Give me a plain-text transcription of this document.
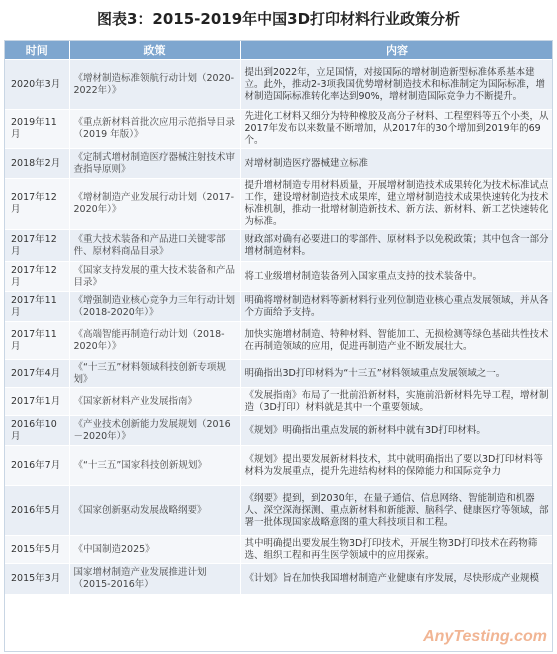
图表3：2015-2019年中国3D打印材料行业政策分析
时间	政策	内容
2020年3月	《增材制造标准领航行动计划（2020-2022年）》	提出到2022年，立足国情，对接国际的增材制造新型标准体系基本建立。此外，推动2-3项我国优势增材制造技术和标准制定为国际标准，增材制造国际标准转化率达到90%，增材制造国际竞争力不断提升。
2019年11月	《重点新材料首批次应用示范指导目录（2019 年版）》	先进化工材料又细分为特种橡胶及高分子材料、工程塑料等五个小类，从2017年发布以来数量不断增加，从2017年的30个增加到2019年的69个。
2018年2月	《定制式增材制造医疗器械注射技术审查指导原则》	对增材制造医疗器械建立标准
2017年12月	《增材制造产业发展行动计划（2017-2020年）》	提升增材制造专用材料质量，开展增材制造技术成果转化为技术标准试点工作，建设增材制造技术成果库，建立增材制造技术成果快速转化为技术标准机制，推动一批增材制造新技术、新方法、新材料、新工艺快速转化为标准。
2017年12月	《重大技术装备和产品进口关键零部件、原材料商品目录》	财政部对确有必要进口的零部件、原材料予以免税政策；其中包含一部分增材制造材料。
2017年12月	《国家支持发展的重大技术装备和产品目录》	将工业级增材制造装备列入国家重点支持的技术装备中。
2017年11月	《增强制造业核心竞争力三年行动计划（2018-2020年）》	明确将增材制造材料等新材料行业列位制造业核心重点发展领域，并从各个方面给予支持。
2017年11月	《高端智能再制造行动计划（2018-2020年）》	加快实施增材制造、特种材料、智能加工、无损检测等绿色基础共性技术在再制造领域的应用，促进再制造产业不断发展壮大。
2017年4月	《“十三五”材料领域科技创新专项规划》	明确指出3D打印材料为“十三五”材料领域重点发展领域之一。
2017年1月	《国家新材料产业发展指南》	《发展指南》布局了一批前沿新材料，实施前沿新材料先导工程，增材制造（3D打印）材料就是其中一个重要领域。
2016年10月	《产业技术创新能力发展规划（2016－2020年）》	《规划》明确指出重点发展的新材料中就有3D打印材料。
2016年7月	《“十三五”国家科技创新规划》	《规划》提出要发展新材料技术，其中就明确指出了要以3D打印材料等材料为发展重点，提升先进结构材料的保障能力和国际竞争力
2016年5月	《国家创新驱动发展战略纲要》	《纲要》提到，到2030年，在量子通信、信息网络、智能制造和机器人、深空深海探测、重点新材料和新能源、脑科学、健康医疗等领域，部署一批体现国家战略意图的重大科技项目和工程。
2015年5月	《中国制造2025》	其中明确提出要发展生物3D打印技术，开展生物3D打印技术在药物筛选、组织工程和再生医学领域中的应用探索。
2015年3月	国家增材制造产业发展推进计划（2015-2016年）	《计划》旨在加快我国增材制造产业健康有序发展，尽快形成产业规模
AnyTesting.com
